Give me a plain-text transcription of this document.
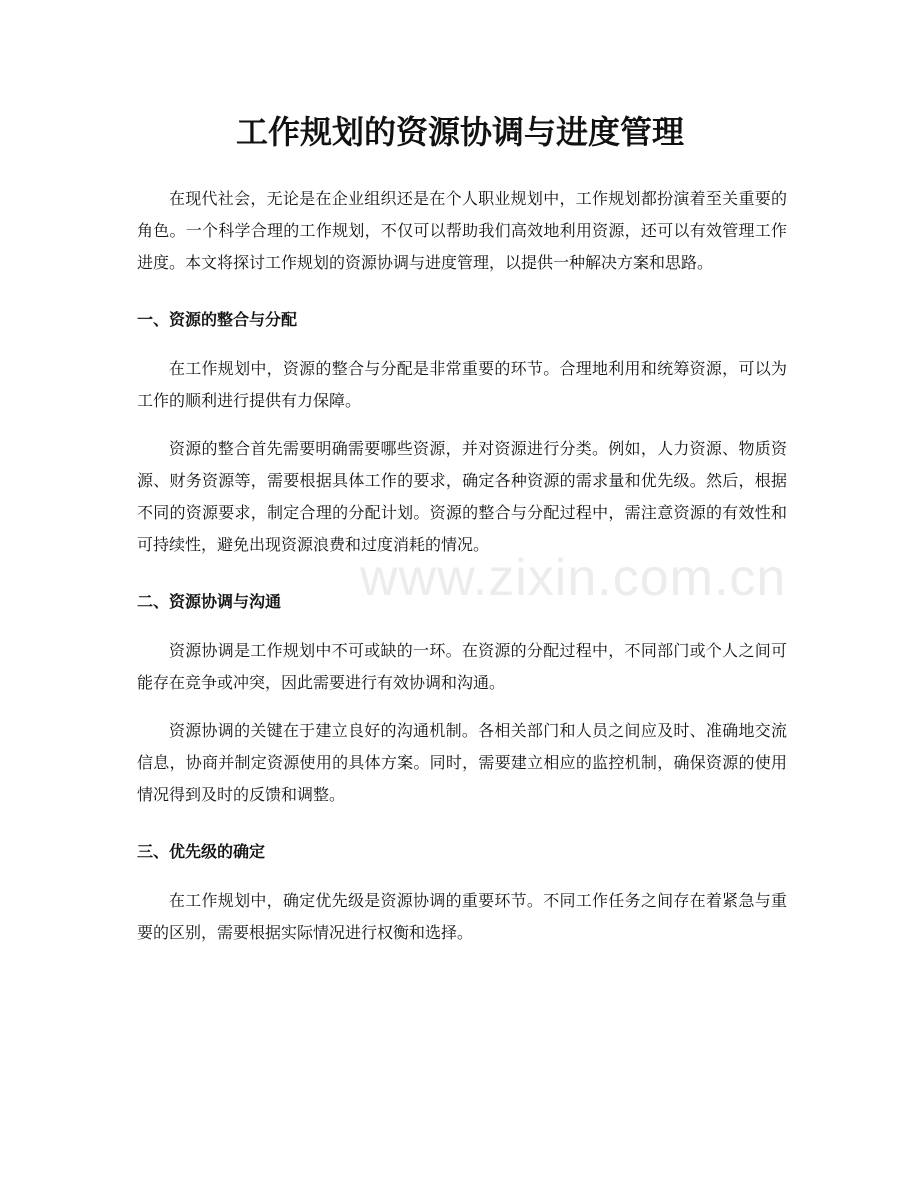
www.zixin.com.cn
工作规划的资源协调与进度管理

在现代社会，无论是在企业组织还是在个人职业规划中，工作规划都扮演着至关重要的角色。一个科学合理的工作规划，不仅可以帮助我们高效地利用资源，还可以有效管理工作进度。本文将探讨工作规划的资源协调与进度管理，以提供一种解决方案和思路。

一、资源的整合与分配

在工作规划中，资源的整合与分配是非常重要的环节。合理地利用和统筹资源，可以为工作的顺利进行提供有力保障。

资源的整合首先需要明确需要哪些资源，并对资源进行分类。例如，人力资源、物质资源、财务资源等，需要根据具体工作的要求，确定各种资源的需求量和优先级。然后，根据不同的资源要求，制定合理的分配计划。资源的整合与分配过程中，需注意资源的有效性和可持续性，避免出现资源浪费和过度消耗的情况。

二、资源协调与沟通

资源协调是工作规划中不可或缺的一环。在资源的分配过程中，不同部门或个人之间可能存在竞争或冲突，因此需要进行有效协调和沟通。

资源协调的关键在于建立良好的沟通机制。各相关部门和人员之间应及时、准确地交流信息，协商并制定资源使用的具体方案。同时，需要建立相应的监控机制，确保资源的使用情况得到及时的反馈和调整。

三、优先级的确定

在工作规划中，确定优先级是资源协调的重要环节。不同工作任务之间存在着紧急与重要的区别，需要根据实际情况进行权衡和选择。
